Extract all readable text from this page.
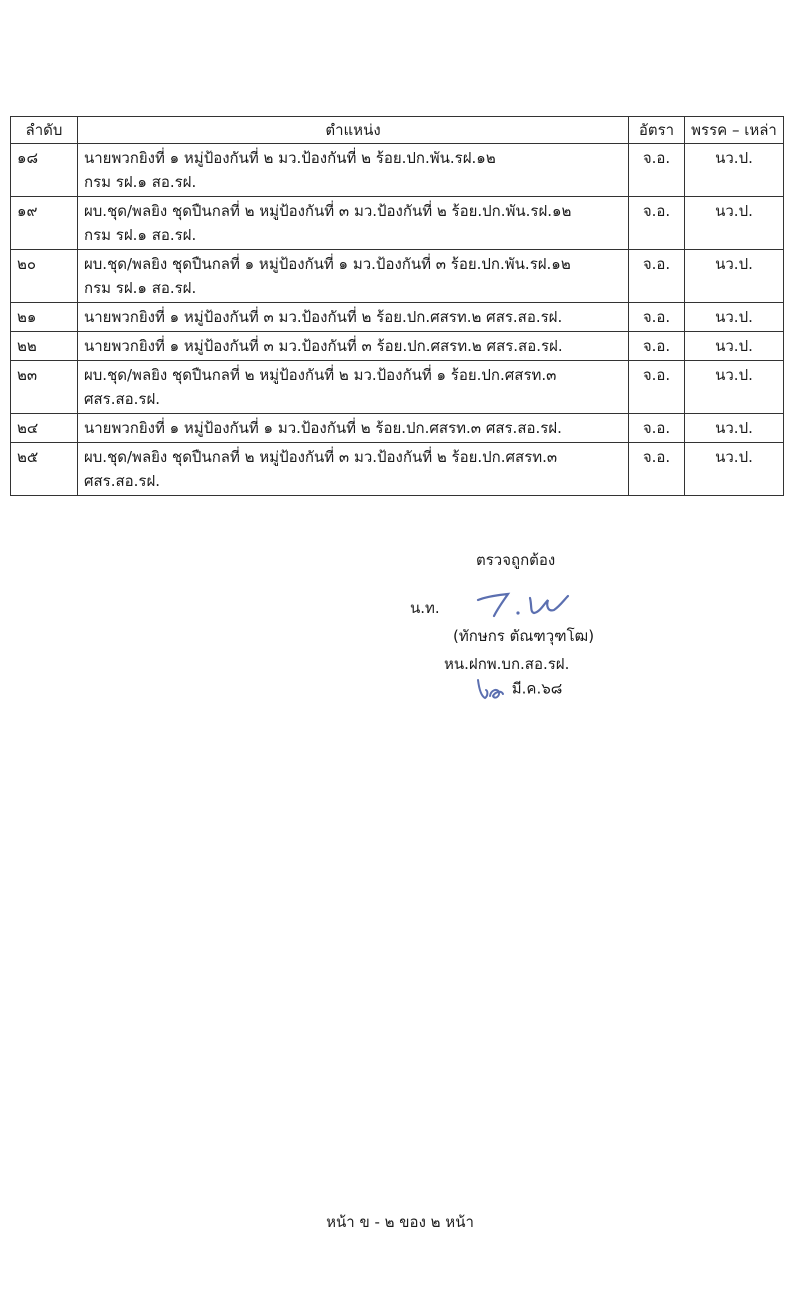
ลำดับ	ตำแหน่ง	อัตรา	พรรค – เหล่า
๑๘	นายพวกยิงที่ ๑ หมู่ป้องกันที่ ๒ มว.ป้องกันที่ ๒ ร้อย.ปก.พัน.รฝ.๑๒
กรม รฝ.๑ สอ.รฝ.	จ.อ.	นว.ป.
๑๙	ผบ.ชุด/พลยิง ชุดปืนกลที่ ๒ หมู่ป้องกันที่ ๓ มว.ป้องกันที่ ๒ ร้อย.ปก.พัน.รฝ.๑๒
กรม รฝ.๑ สอ.รฝ.	จ.อ.	นว.ป.
๒๐	ผบ.ชุด/พลยิง ชุดปืนกลที่ ๑ หมู่ป้องกันที่ ๑ มว.ป้องกันที่ ๓ ร้อย.ปก.พัน.รฝ.๑๒
กรม รฝ.๑ สอ.รฝ.	จ.อ.	นว.ป.
๒๑	นายพวกยิงที่ ๑ หมู่ป้องกันที่ ๓ มว.ป้องกันที่ ๒ ร้อย.ปก.ศสรท.๒ ศสร.สอ.รฝ.	จ.อ.	นว.ป.
๒๒	นายพวกยิงที่ ๑ หมู่ป้องกันที่ ๓ มว.ป้องกันที่ ๓ ร้อย.ปก.ศสรท.๒ ศสร.สอ.รฝ.	จ.อ.	นว.ป.
๒๓	ผบ.ชุด/พลยิง ชุดปืนกลที่ ๒ หมู่ป้องกันที่ ๒ มว.ป้องกันที่ ๑ ร้อย.ปก.ศสรท.๓
ศสร.สอ.รฝ.	จ.อ.	นว.ป.
๒๔	นายพวกยิงที่ ๑ หมู่ป้องกันที่ ๑ มว.ป้องกันที่ ๒ ร้อย.ปก.ศสรท.๓ ศสร.สอ.รฝ.	จ.อ.	นว.ป.
๒๕	ผบ.ชุด/พลยิง ชุดปืนกลที่ ๒ หมู่ป้องกันที่ ๓ มว.ป้องกันที่ ๒ ร้อย.ปก.ศสรท.๓
ศสร.สอ.รฝ.	จ.อ.	นว.ป.
ตรวจถูกต้อง
น.ท.
(ทักษกร ตัณฑวุฑโฒ)
หน.ฝกพ.บก.สอ.รฝ.
มี.ค.๖๘
หน้า ข - ๒ ของ ๒ หน้า
